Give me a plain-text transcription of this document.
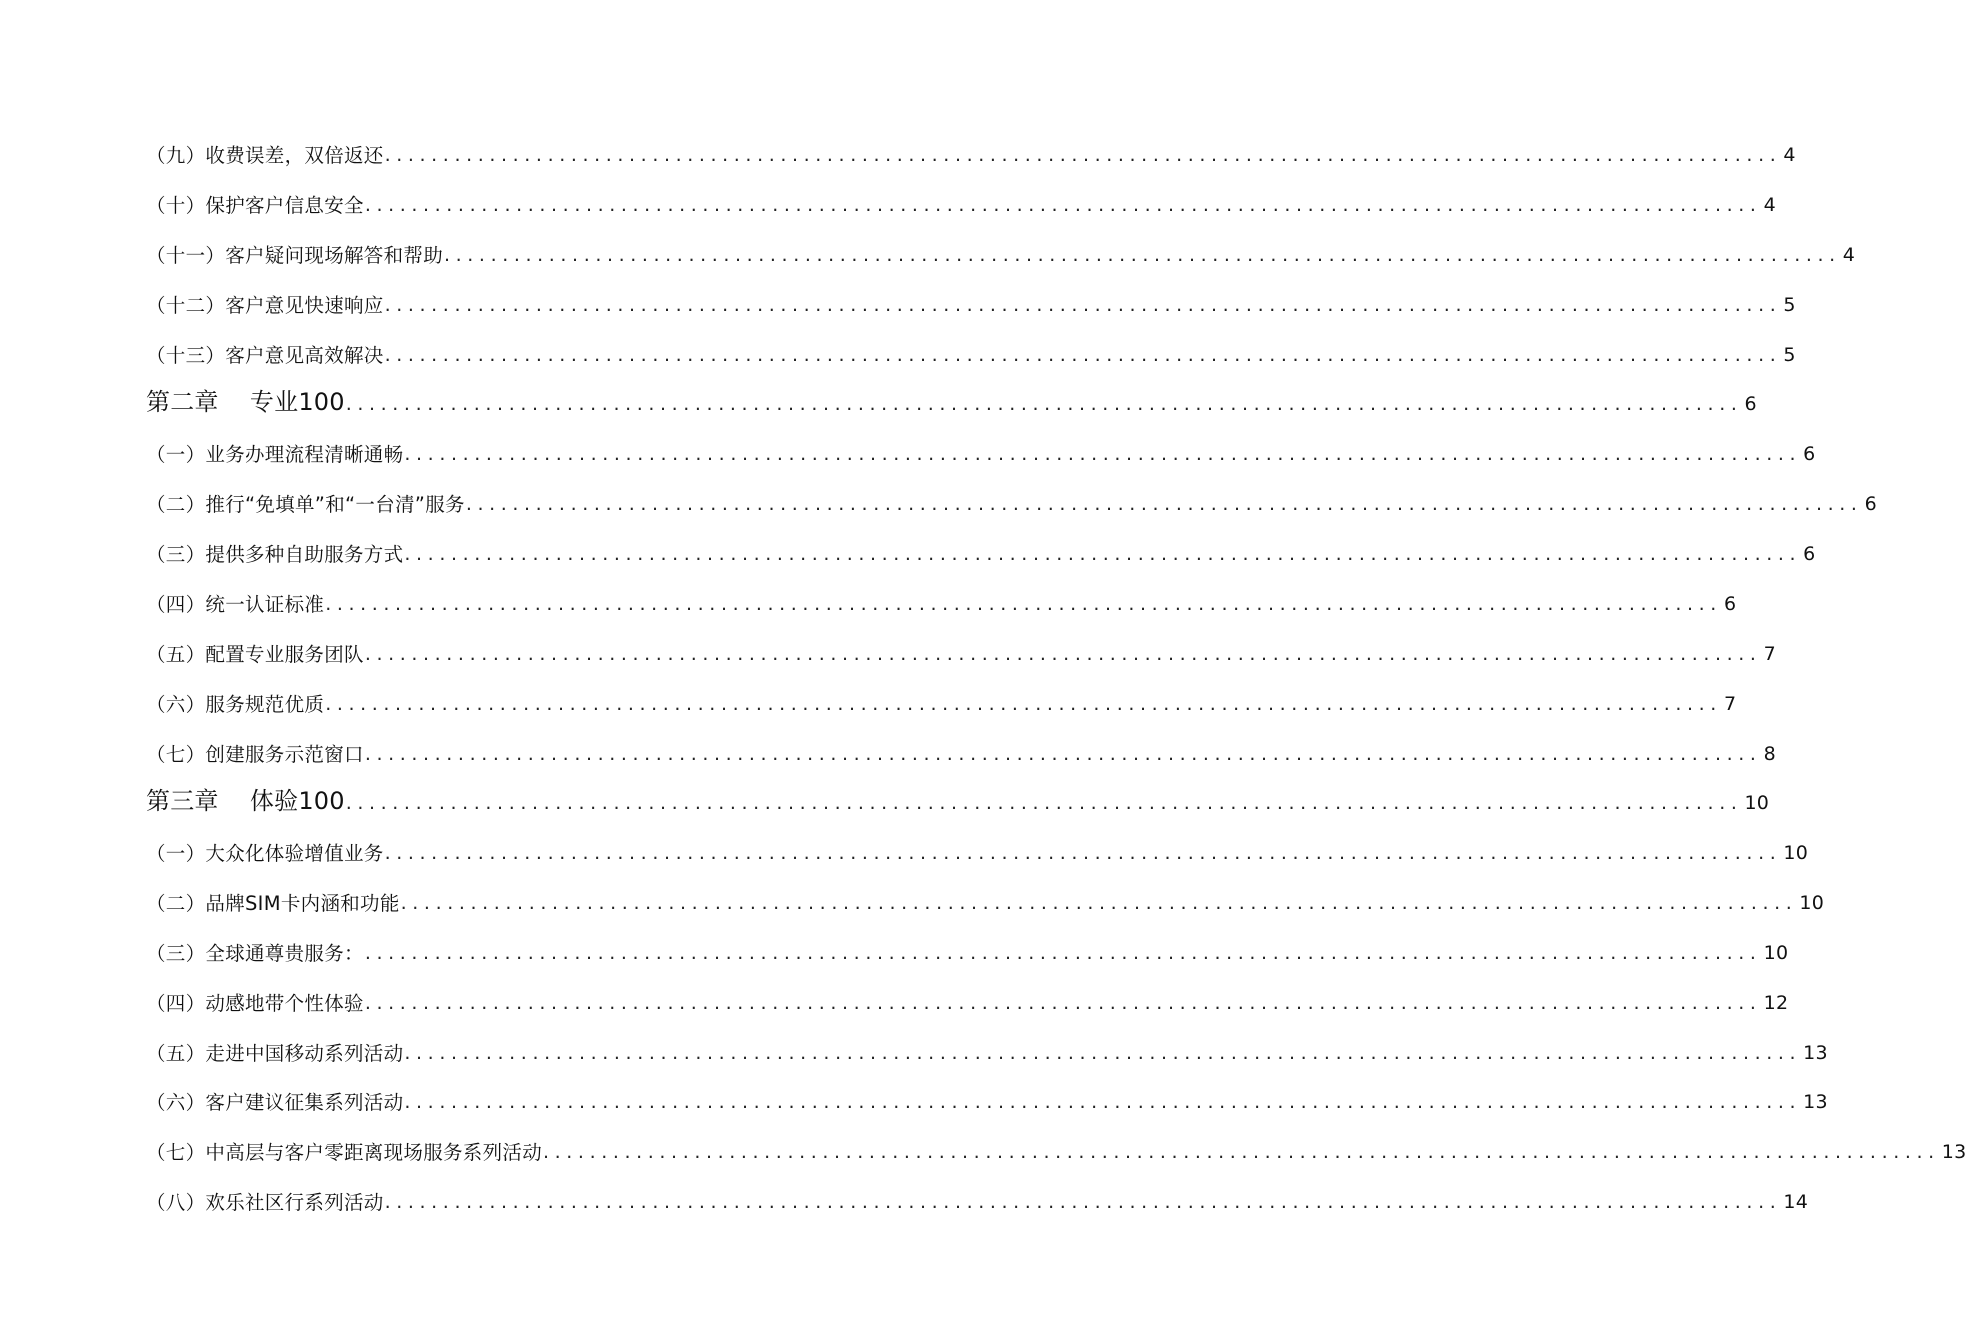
（九）收费误差，双倍返还 ........................................................................................................................ 4
（十）保护客户信息安全 ........................................................................................................................ 4
（十一）客户疑问现场解答和帮助 ........................................................................................................................ 4
（十二）客户意见快速响应 ........................................................................................................................ 5
（十三）客户意见高效解决 ........................................................................................................................ 5
第二章    专业100 ........................................................................................................................ 6
（一）业务办理流程清晰通畅 ........................................................................................................................ 6
（二）推行“免填单”和“一台清”服务 ........................................................................................................................ 6
（三）提供多种自助服务方式 ........................................................................................................................ 6
（四）统一认证标准 ........................................................................................................................ 6
（五）配置专业服务团队 ........................................................................................................................ 7
（六）服务规范优质 ........................................................................................................................ 7
（七）创建服务示范窗口 ........................................................................................................................ 8
第三章    体验100 ........................................................................................................................ 10
（一）大众化体验增值业务 ........................................................................................................................ 10
（二）品牌SIM卡内涵和功能 ........................................................................................................................ 10
（三）全球通尊贵服务： ........................................................................................................................ 10
（四）动感地带个性体验 ........................................................................................................................ 12
（五）走进中国移动系列活动 ........................................................................................................................ 13
（六）客户建议征集系列活动 ........................................................................................................................ 13
（七）中高层与客户零距离现场服务系列活动 ........................................................................................................................ 13
（八）欢乐社区行系列活动 ........................................................................................................................ 14
